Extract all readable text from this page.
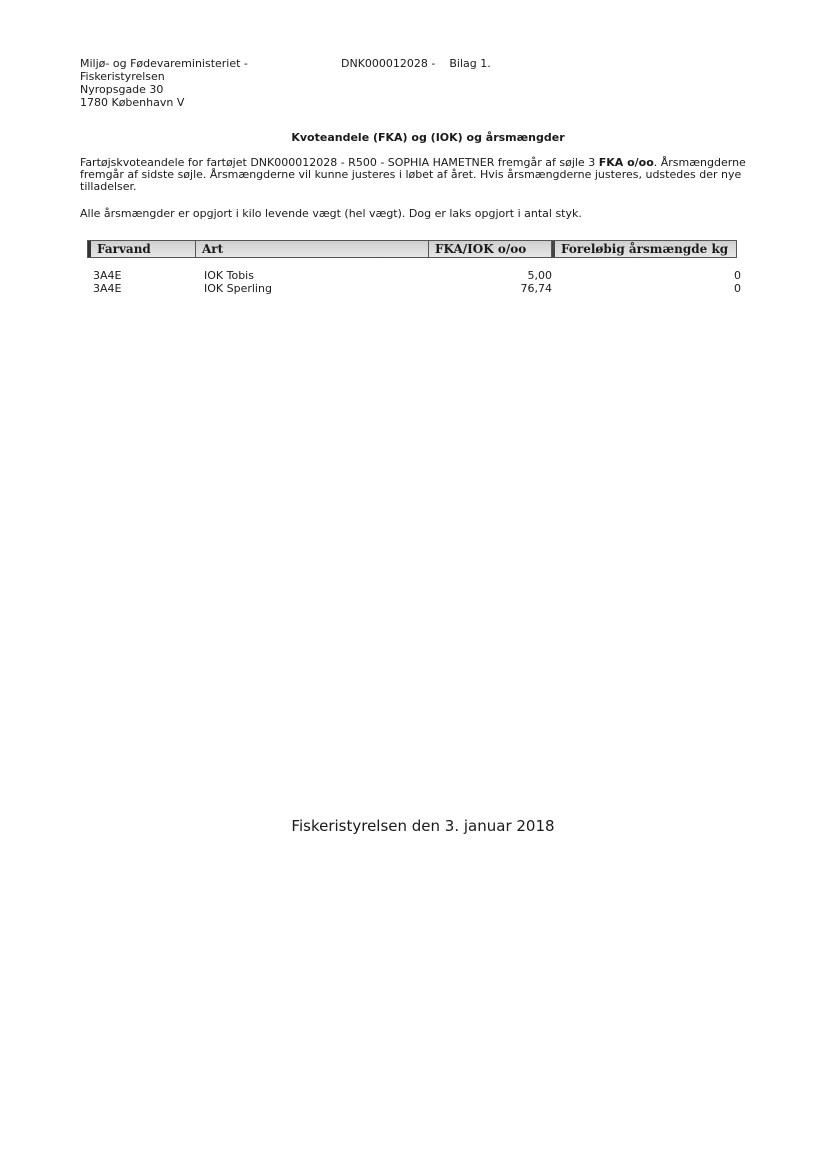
Miljø- og Fødevareministeriet -
Fiskeristyrelsen
Nyropsgade 30
1780 København V
DNK000012028 - Bilag 1.
Kvoteandele (FKA) og (IOK) og årsmængder
Fartøjskvoteandele for fartøjet DNK000012028 - R500 - SOPHIA HAMETNER fremgår af søjle 3 FKA o/oo. Årsmængderne fremgår af sidste søjle. Årsmængderne vil kunne justeres i løbet af året. Hvis årsmængderne justeres, udstedes der nye tilladelser.
Alle årsmængder er opgjort i kilo levende vægt (hel vægt). Dog er laks opgjort i antal styk.
Farvand	Art	FKA/IOK o/oo	Foreløbig årsmængde kg
3A4E	IOK Tobis	5,00	0
3A4E	IOK Sperling	76,74	0
Fiskeristyrelsen den 3. januar 2018
